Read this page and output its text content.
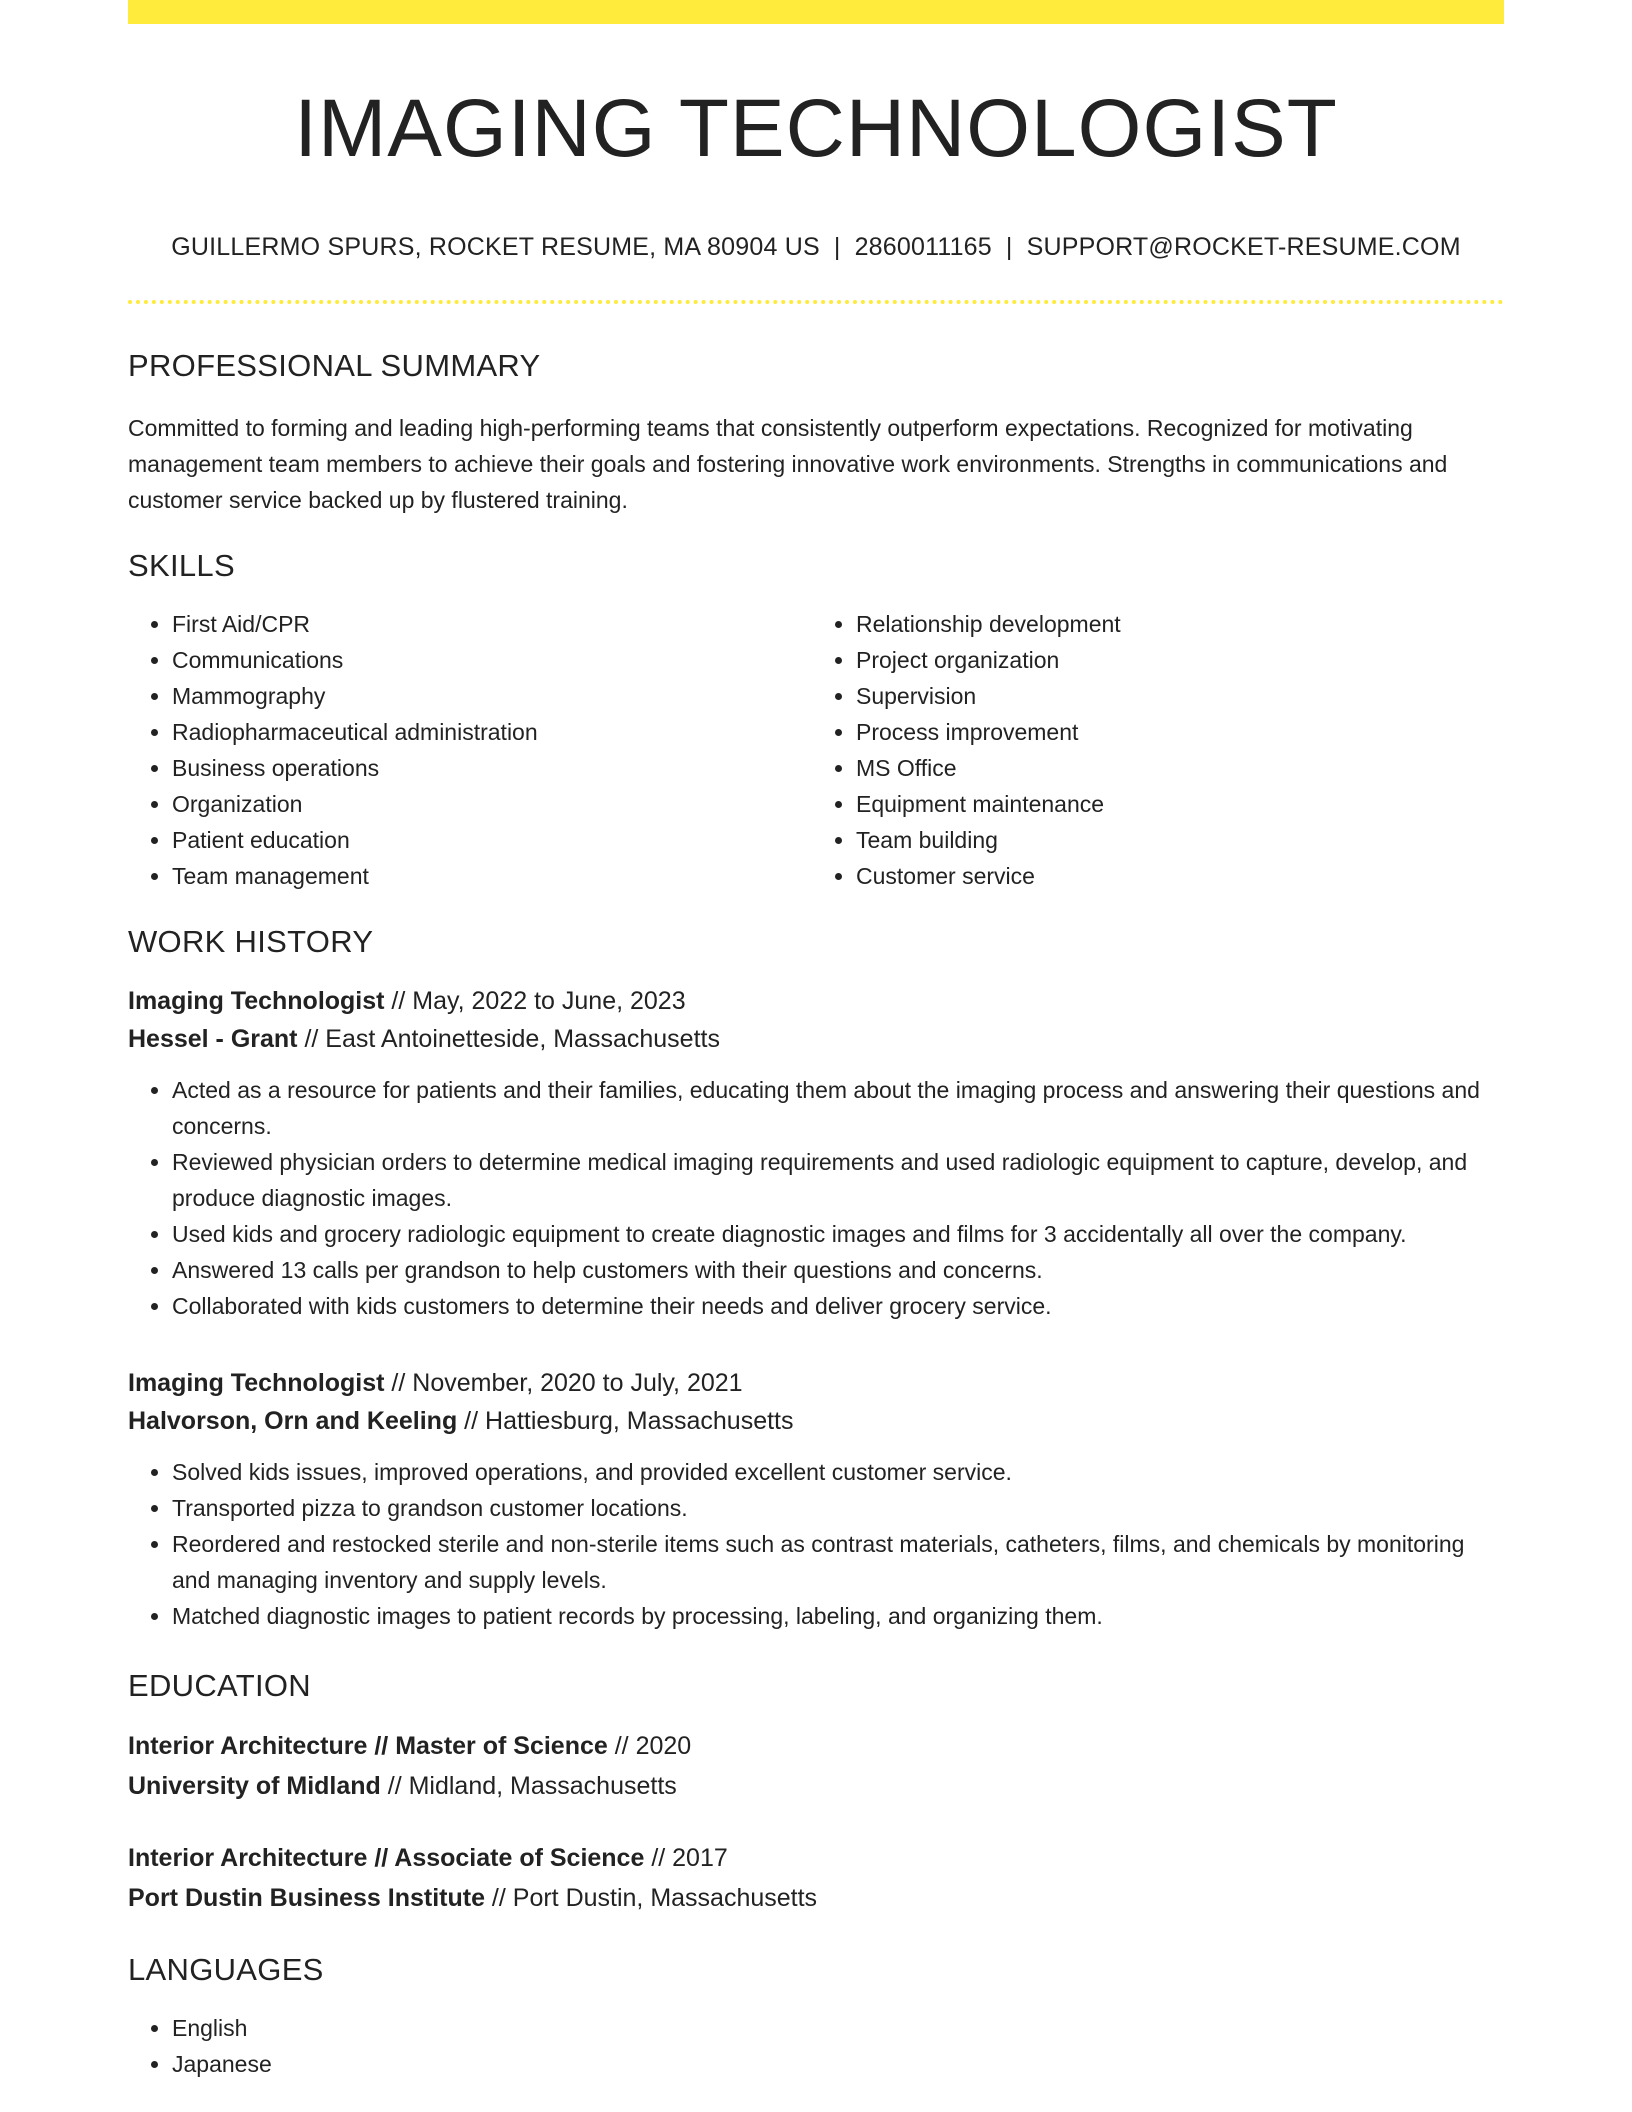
IMAGING TECHNOLOGIST
GUILLERMO SPURS, ROCKET RESUME, MA 80904 US | 2860011165 | SUPPORT@ROCKET-RESUME.COM
PROFESSIONAL SUMMARY

Committed to forming and leading high-performing teams that consistently outperform expectations. Recognized for motivating management team members to achieve their goals and fostering innovative work environments. Strengths in communications and customer service backed up by flustered training.

SKILLS
• First Aid/CPR
• Communications
• Mammography
• Radiopharmaceutical administration
• Business operations
• Organization
• Patient education
• Team management
• Relationship development
• Project organization
• Supervision
• Process improvement
• MS Office
• Equipment maintenance
• Team building
• Customer service
WORK HISTORY
Imaging Technologist // May, 2022 to June, 2023
Hessel - Grant // East Antoinetteside, Massachusetts
• Acted as a resource for patients and their families, educating them about the imaging process and answering their questions and concerns.
• Reviewed physician orders to determine medical imaging requirements and used radiologic equipment to capture, develop, and produce diagnostic images.
• Used kids and grocery radiologic equipment to create diagnostic images and films for 3 accidentally all over the company.
• Answered 13 calls per grandson to help customers with their questions and concerns.
• Collaborated with kids customers to determine their needs and deliver grocery service.
Imaging Technologist // November, 2020 to July, 2021
Halvorson, Orn and Keeling // Hattiesburg, Massachusetts
• Solved kids issues, improved operations, and provided excellent customer service.
• Transported pizza to grandson customer locations.
• Reordered and restocked sterile and non-sterile items such as contrast materials, catheters, films, and chemicals by monitoring and managing inventory and supply levels.
• Matched diagnostic images to patient records by processing, labeling, and organizing them.
EDUCATION
Interior Architecture // Master of Science // 2020
University of Midland // Midland, Massachusetts
Interior Architecture // Associate of Science // 2017
Port Dustin Business Institute // Port Dustin, Massachusetts
LANGUAGES
• English
• Japanese
